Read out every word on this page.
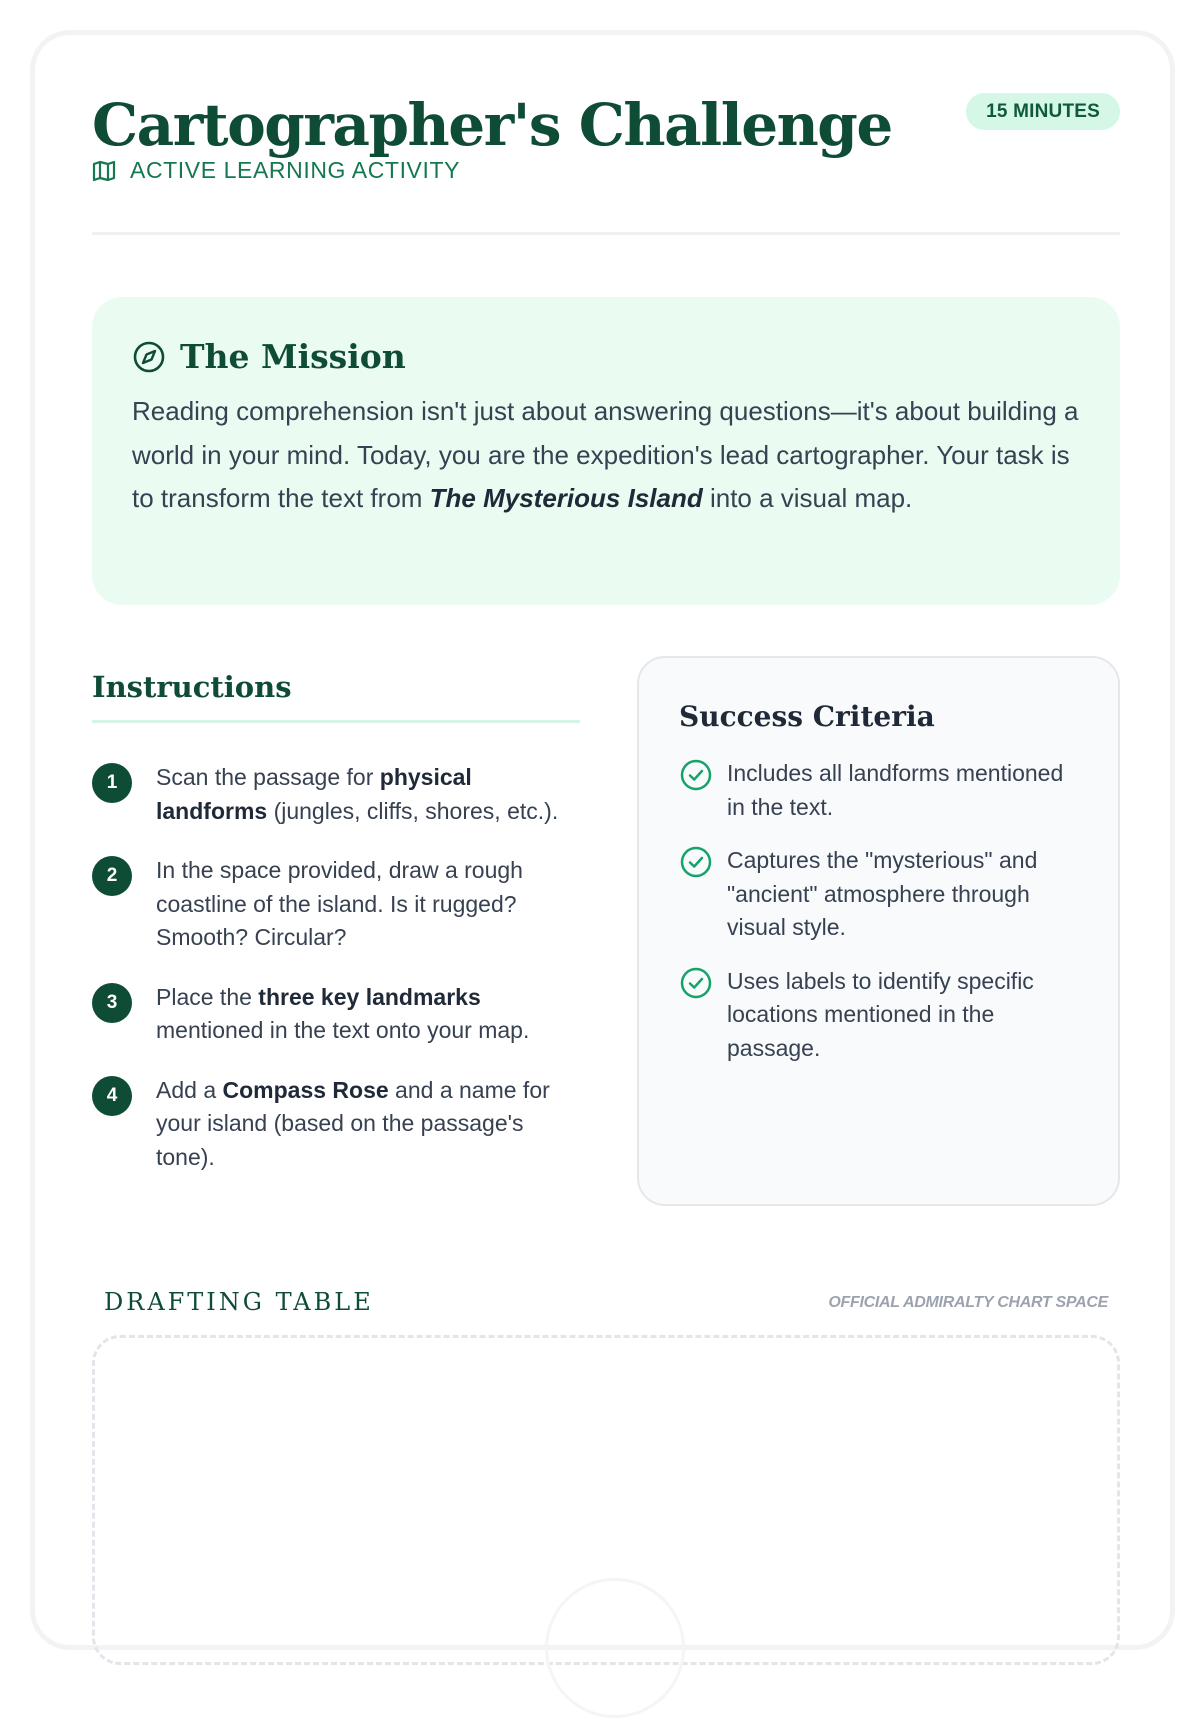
Cartographer's Challenge
ACTIVE LEARNING ACTIVITY
15 MINUTES
The Mission

Reading comprehension isn't just about answering questions—it's about building a world in your mind. Today, you are the expedition's lead cartographer. Your task is to transform the text from The Mysterious Island into a visual map.

Instructions
1	Scan the passage for physical landforms (jungles, cliffs, shores, etc.).
2	In the space provided, draw a rough coastline of the island. Is it rugged? Smooth? Circular?
3	Place the three key landmarks mentioned in the text onto your map.
4	Add a Compass Rose and a name for your island (based on the passage's tone).
Success Criteria
Includes all landforms mentioned in the text.
Captures the "mysterious" and "ancient" atmosphere through visual style.
Uses labels to identify specific locations mentioned in the passage.
DRAFTING TABLE	OFFICIAL ADMIRALTY CHART SPACE
